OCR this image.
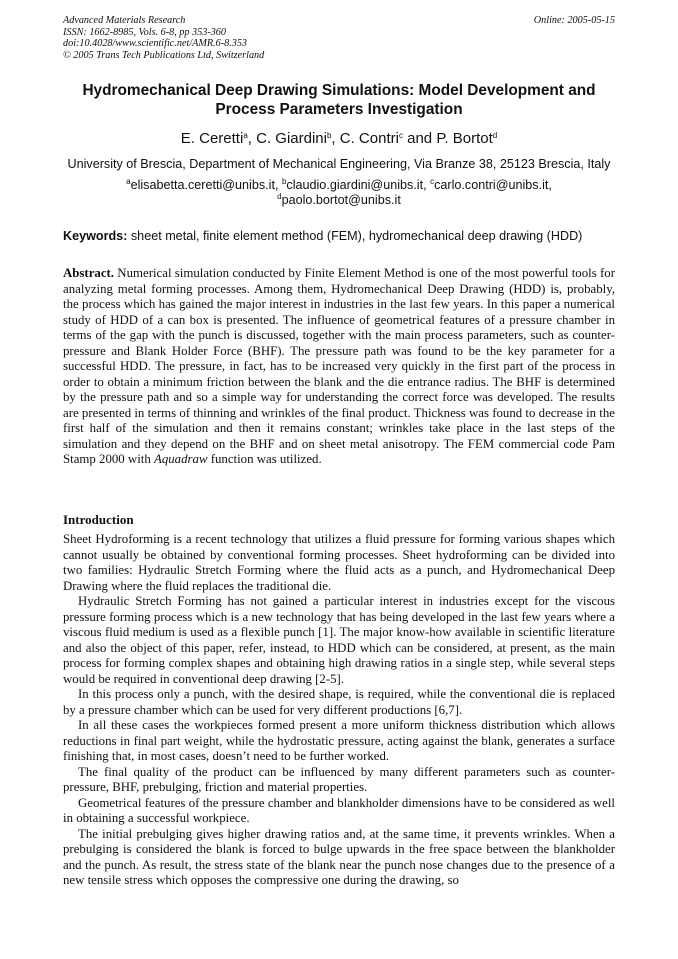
Advanced Materials Research
ISSN: 1662-8985, Vols. 6-8, pp 353-360
doi:10.4028/www.scientific.net/AMR.6-8.353
© 2005 Trans Tech Publications Ltd, Switzerland
Online: 2005-05-15
Hydromechanical Deep Drawing Simulations: Model Development and
Process Parameters Investigation
E. Ceretti$^a$, C. Giardini$^b$, C. Contri$^c$ and P. Bortot$^d$
University of Brescia, Department of Mechanical Engineering, Via Branze 38, 25123 Brescia, Italy
$^a$elisabetta.ceretti@unibs.it, $^b$claudio.giardini@unibs.it, $^c$carlo.contri@unibs.it,
$^d$paolo.bortot@unibs.it
Keywords: sheet metal, finite element method (FEM), hydromechanical deep drawing (HDD)
Abstract. Numerical simulation conducted by Finite Element Method is one of the most powerful tools for analyzing metal forming processes. Among them, Hydromechanical Deep Drawing (HDD) is, probably, the process which has gained the major interest in industries in the last few years. In this paper a numerical study of HDD of a can box is presented. The influence of geometrical features of a pressure chamber in terms of the gap with the punch is discussed, together with the main process parameters, such as counter-pressure and Blank Holder Force (BHF). The pressure path was found to be the key parameter for a successful HDD. The pressure, in fact, has to be increased very quickly in the first part of the process in order to obtain a minimum friction between the blank and the die entrance radius. The BHF is determined by the pressure path and so a simple way for understanding the correct force was developed. The results are presented in terms of thinning and wrinkles of the final product. Thickness was found to decrease in the first half of the simulation and then it remains constant; wrinkles take place in the last steps of the simulation and they depend on the BHF and on sheet metal anisotropy. The FEM commercial code Pam Stamp 2000 with Aquadraw function was utilized.
Introduction

Sheet Hydroforming is a recent technology that utilizes a fluid pressure for forming various shapes which cannot usually be obtained by conventional forming processes. Sheet hydroforming can be divided into two families: Hydraulic Stretch Forming where the fluid acts as a punch, and Hydromechanical Deep Drawing where the fluid replaces the traditional die.

Hydraulic Stretch Forming has not gained a particular interest in industries except for the viscous pressure forming process which is a new technology that has being developed in the last few years where a viscous fluid medium is used as a flexible punch [1]. The major know-how available in scientific literature and also the object of this paper, refer, instead, to HDD which can be considered, at present, as the main process for forming complex shapes and obtaining high drawing ratios in a single step, while several steps would be required in conventional deep drawing [2-5].

In this process only a punch, with the desired shape, is required, while the conventional die is replaced by a pressure chamber which can be used for very different productions [6,7].

In all these cases the workpieces formed present a more uniform thickness distribution which allows reductions in final part weight, while the hydrostatic pressure, acting against the blank, generates a surface finishing that, in most cases, doesn’t need to be further worked.

The final quality of the product can be influenced by many different parameters such as counter-pressure, BHF, prebulging, friction and material properties.

Geometrical features of the pressure chamber and blankholder dimensions have to be considered as well in obtaining a successful workpiece.

The initial prebulging gives higher drawing ratios and, at the same time, it prevents wrinkles. When a prebulging is considered the blank is forced to bulge upwards in the free space between the blankholder and the punch. As result, the stress state of the blank near the punch nose changes due to the presence of a new tensile stress which opposes the compressive one during the drawing, so
